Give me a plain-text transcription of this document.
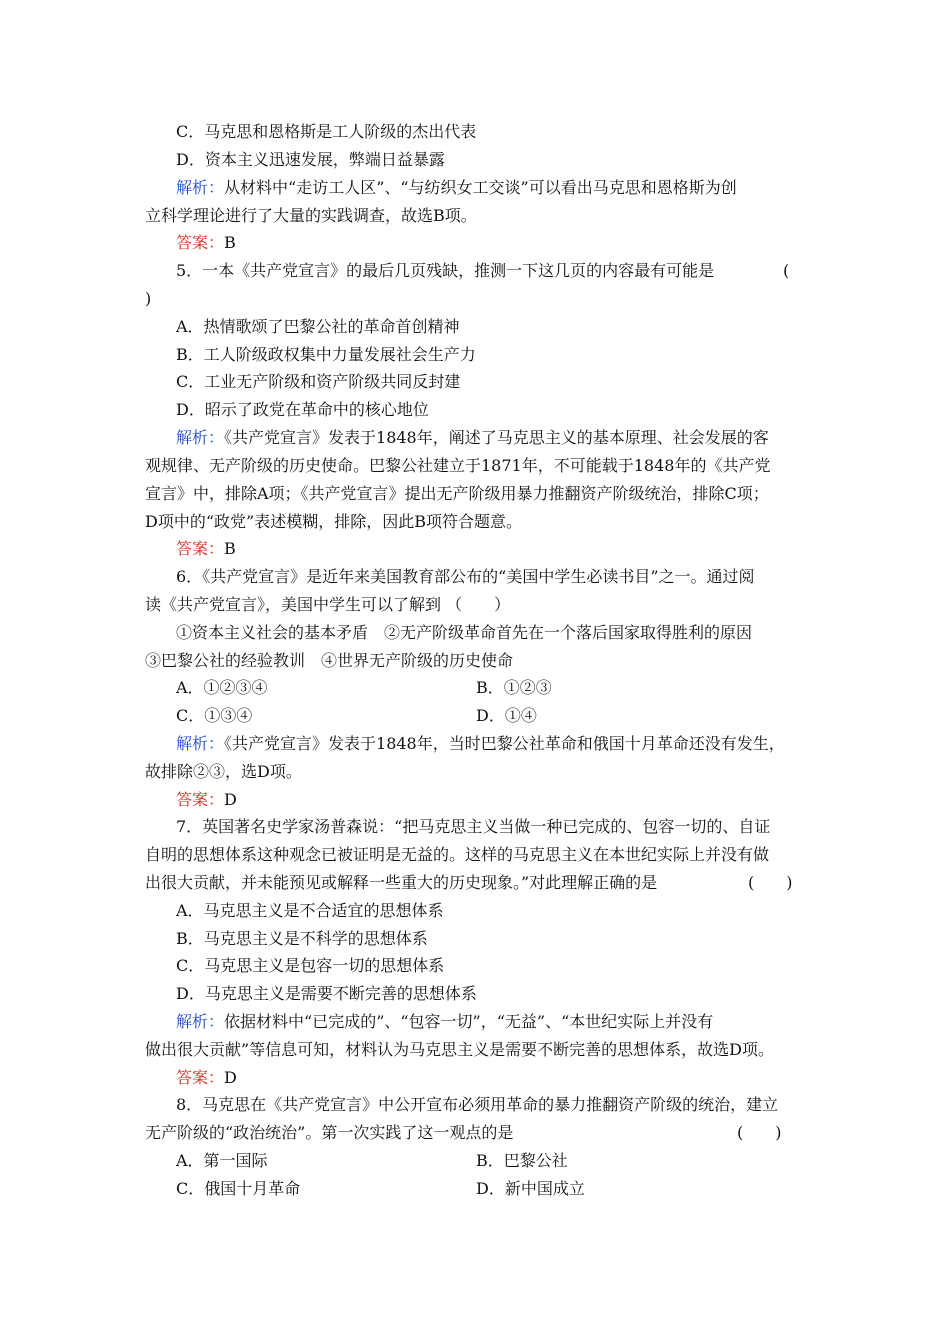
C．马克思和恩格斯是工人阶级的杰出代表
D．资本主义迅速发展，弊端日益暴露
解析：从材料中“走访工人区”、“与纺织女工交谈”可以看出马克思和恩格斯为创
立科学理论进行了大量的实践调查，故选B项。
答案：B
5．一本《共产党宣言》的最后几页残缺，推测一下这几页的内容最有可能是	(
)
A．热情歌颂了巴黎公社的革命首创精神
B．工人阶级政权集中力量发展社会生产力
C．工业无产阶级和资产阶级共同反封建
D．昭示了政党在革命中的核心地位
解析：《共产党宣言》发表于1848年，阐述了马克思主义的基本原理、社会发展的客
观规律、无产阶级的历史使命。巴黎公社建立于1871年，不可能载于1848年的《共产党
宣言》中，排除A项；《共产党宣言》提出无产阶级用暴力推翻资产阶级统治，排除C项；
D项中的“政党”表述模糊，排除，因此B项符合题意。
答案：B
6．《共产党宣言》是近年来美国教育部公布的“美国中学生必读书目”之一。通过阅
读《共产党宣言》，美国中学生可以了解到 （　　）
①资本主义社会的基本矛盾　②无产阶级革命首先在一个落后国家取得胜利的原因
③巴黎公社的经验教训　④世界无产阶级的历史使命
A．①②③④	B．①②③
C．①③④	D．①④
解析：《共产党宣言》发表于1848年，当时巴黎公社革命和俄国十月革命还没有发生，
故排除②③，选D项。
答案：D
7．英国著名史学家汤普森说：“把马克思主义当做一种已完成的、包容一切的、自证
自明的思想体系这种观念已被证明是无益的。这样的马克思主义在本世纪实际上并没有做
出很大贡献，并未能预见或解释一些重大的历史现象。”对此理解正确的是	(　　)
A．马克思主义是不合适宜的思想体系
B．马克思主义是不科学的思想体系
C．马克思主义是包容一切的思想体系
D．马克思主义是需要不断完善的思想体系
解析：依据材料中“已完成的”、“包容一切”，“无益”、“本世纪实际上并没有
做出很大贡献”等信息可知，材料认为马克思主义是需要不断完善的思想体系，故选D项。
答案：D
8．马克思在《共产党宣言》中公开宣布必须用革命的暴力推翻资产阶级的统治，建立
无产阶级的“政治统治”。第一次实践了这一观点的是	(　　)
A．第一国际	B．巴黎公社
C．俄国十月革命	D．新中国成立
